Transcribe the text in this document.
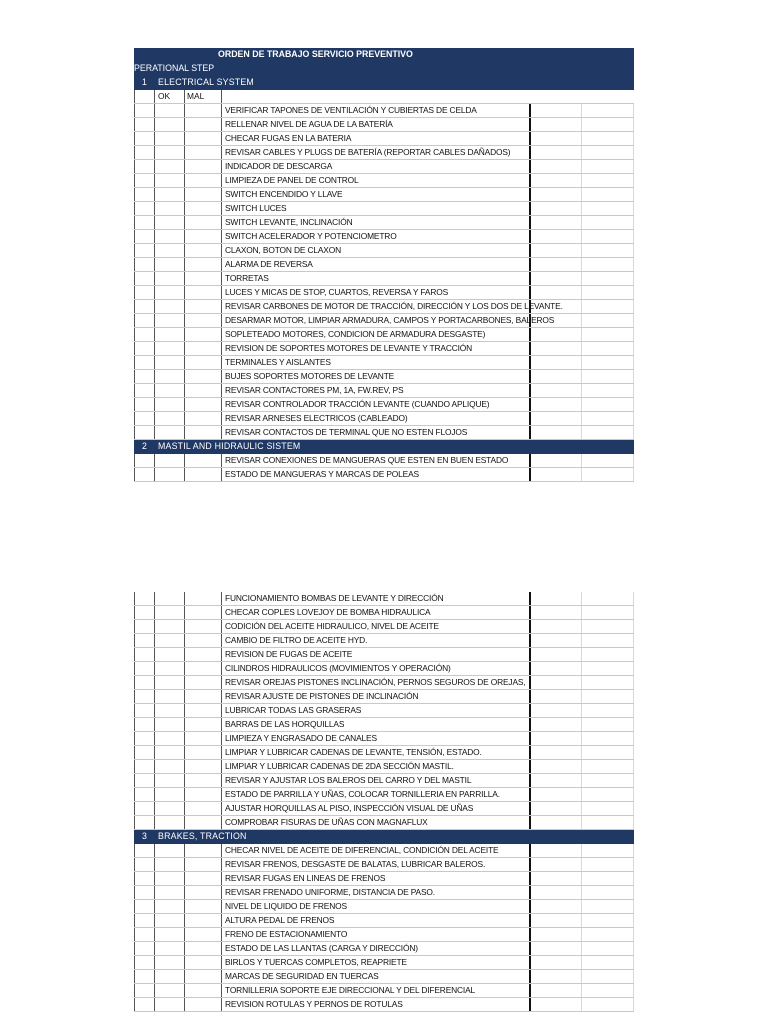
ORDEN DE TRABAJO SERVICIO PREVENTIVO
PERATIONAL STEP
1 ELECTRICAL SYSTEM
OK MAL
VERIFICAR TAPONES DE VENTILACIÓN Y CUBIERTAS DE CELDA
RELLENAR NIVEL DE AGUA DE LA BATERÍA
CHECAR FUGAS EN LA BATERIA
REVISAR CABLES Y PLUGS DE BATERÍA (REPORTAR CABLES DAÑADOS)
INDICADOR DE DESCARGA
LIMPIEZA DE PANEL DE CONTROL
SWITCH ENCENDIDO Y LLAVE
SWITCH LUCES
SWITCH LEVANTE, INCLINACIÓN
SWITCH ACELERADOR Y POTENCIOMETRO
CLAXON, BOTON DE CLAXON
ALARMA DE REVERSA
TORRETAS
LUCES Y MICAS DE STOP, CUARTOS, REVERSA Y FAROS
REVISAR CARBONES DE MOTOR DE TRACCIÓN, DIRECCIÓN Y LOS DOS DE LEVANTE.
DESARMAR MOTOR, LIMPIAR ARMADURA, CAMPOS Y PORTACARBONES, BALEROS
SOPLETEADO MOTORES, CONDICION DE ARMADURA DESGASTE)
REVISION DE SOPORTES MOTORES DE LEVANTE Y TRACCIÓN
TERMINALES Y AISLANTES
BUJES SOPORTES MOTORES DE LEVANTE
REVISAR CONTACTORES PM, 1A, FW.REV, PS
REVISAR CONTROLADOR TRACCIÓN LEVANTE (CUANDO APLIQUE)
REVISAR ARNESES ELECTRICOS (CABLEADO)
REVISAR CONTACTOS DE TERMINAL QUE NO ESTEN FLOJOS
2 MASTIL AND HIDRAULIC SISTEM
REVISAR CONEXIONES DE MANGUERAS QUE ESTEN EN BUEN ESTADO
ESTADO DE MANGUERAS Y MARCAS DE POLEAS
FUNCIONAMIENTO BOMBAS DE LEVANTE Y DIRECCIÓN
CHECAR COPLES LOVEJOY DE BOMBA HIDRAULICA
CODICIÓN DEL ACEITE HIDRAULICO, NIVEL DE ACEITE
CAMBIO DE FILTRO DE ACEITE HYD.
REVISION DE FUGAS DE ACEITE
CILINDROS HIDRAULICOS (MOVIMIENTOS Y OPERACIÓN)
REVISAR OREJAS PISTONES INCLINACIÓN, PERNOS SEGUROS DE OREJAS,
REVISAR AJUSTE DE PISTONES DE INCLINACIÓN
LUBRICAR TODAS LAS GRASERAS
BARRAS DE LAS HORQUILLAS
LIMPIEZA Y ENGRASADO DE CANALES
LIMPIAR Y LUBRICAR CADENAS DE LEVANTE, TENSIÓN, ESTADO.
LIMPIAR Y LUBRICAR CADENAS DE 2DA SECCIÓN MASTIL.
REVISAR Y AJUSTAR LOS BALEROS DEL CARRO Y DEL MASTIL
ESTADO DE PARRILLA Y UÑAS, COLOCAR TORNILLERIA EN PARRILLA.
AJUSTAR HORQUILLAS AL PISO, INSPECCIÓN VISUAL DE UÑAS
COMPROBAR FISURAS DE UÑAS CON MAGNAFLUX
3 BRAKES, TRACTION
CHECAR NIVEL DE ACEITE DE DIFERENCIAL, CONDICIÓN DEL ACEITE
REVISAR FRENOS, DESGASTE DE BALATAS, LUBRICAR BALEROS.
REVISAR FUGAS EN LINEAS DE FRENOS
REVISAR FRENADO UNIFORME, DISTANCIA DE PASO.
NIVEL DE LIQUIDO DE FRENOS
ALTURA PEDAL DE FRENOS
FRENO DE ESTACIONAMIENTO
ESTADO DE LAS LLANTAS (CARGA Y DIRECCIÓN)
BIRLOS Y TUERCAS COMPLETOS, REAPRIETE
MARCAS DE SEGURIDAD EN TUERCAS
TORNILLERIA SOPORTE EJE DIRECCIONAL Y DEL DIFERENCIAL
REVISION ROTULAS Y PERNOS DE ROTULAS
